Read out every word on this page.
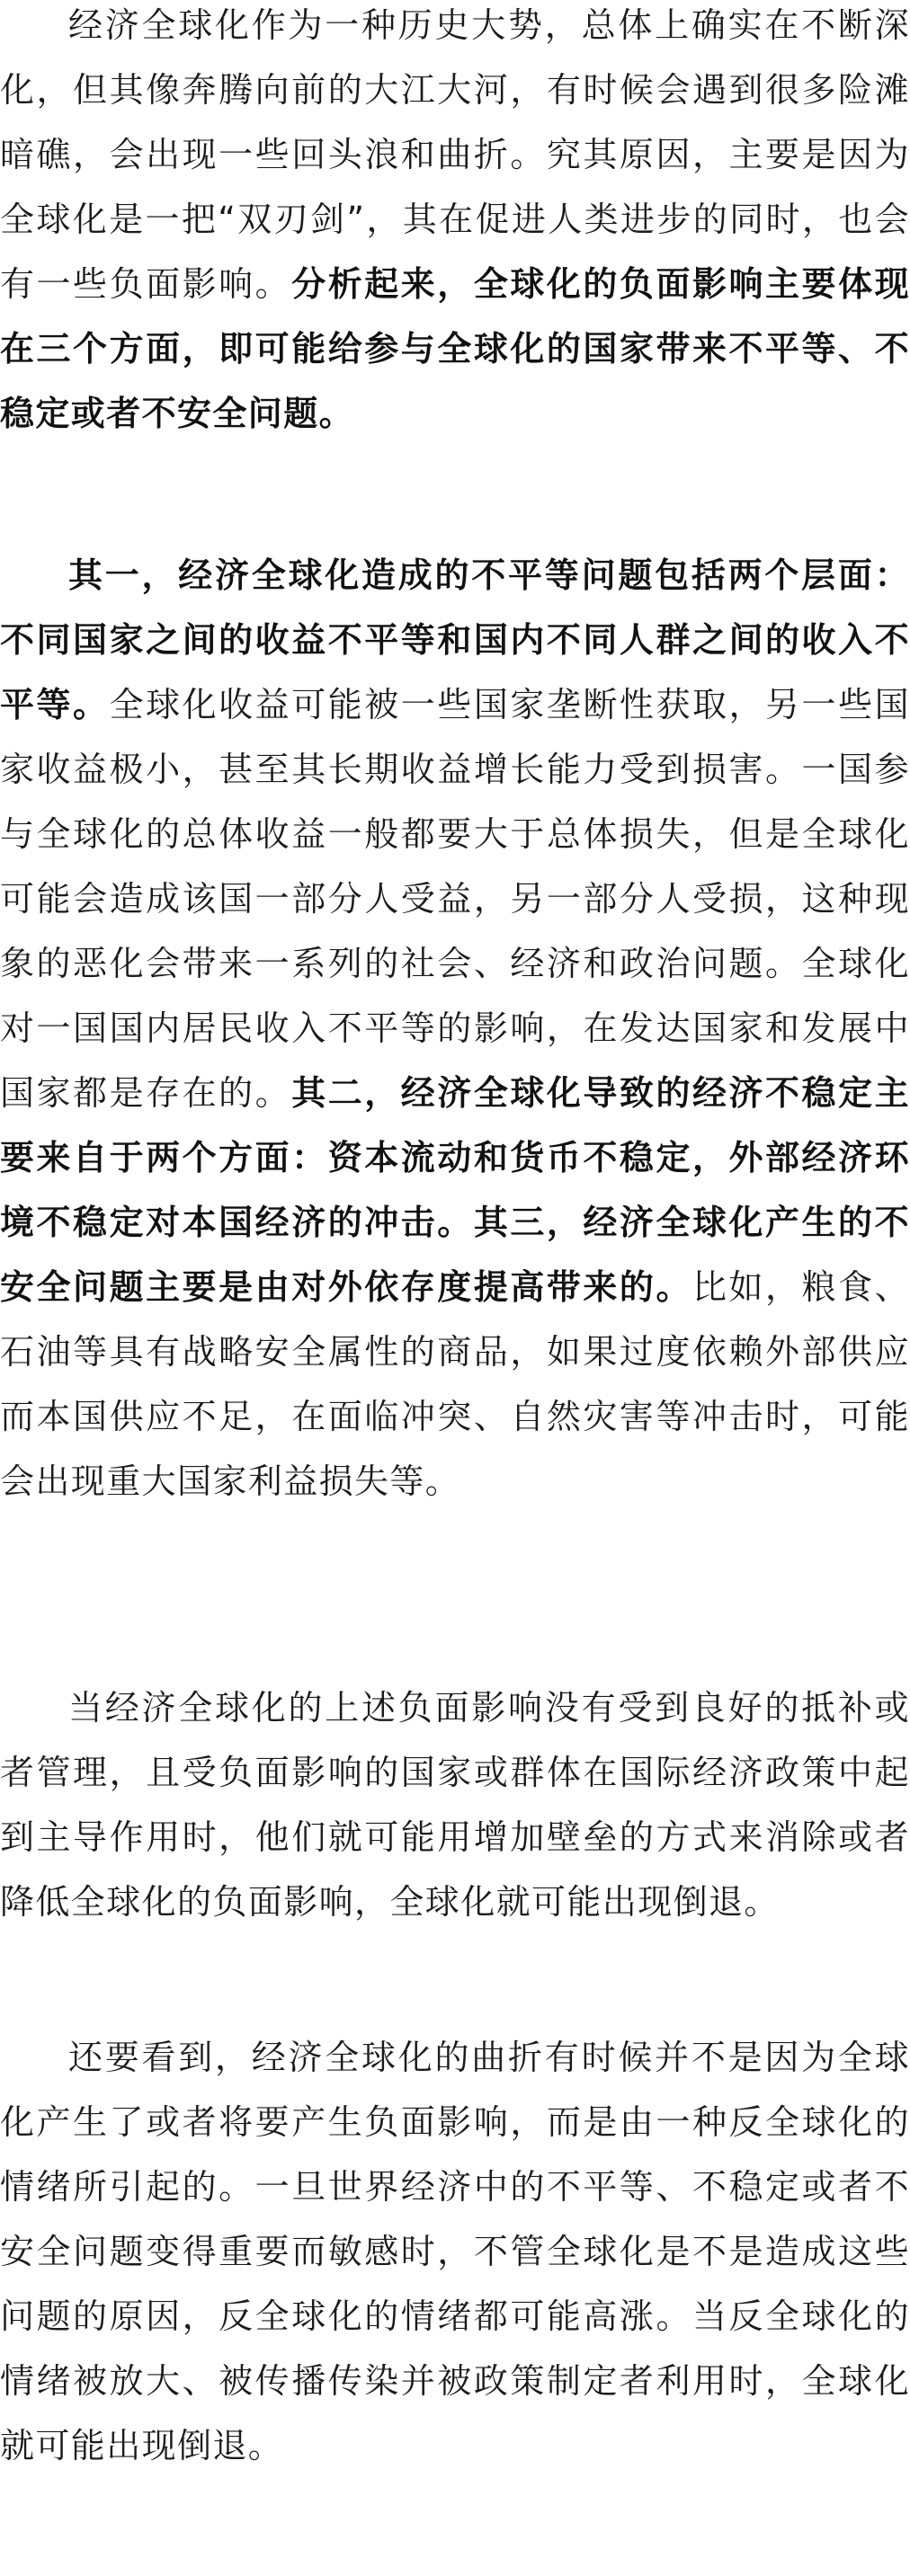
经济全球化作为一种历史大势，总体上确实在不断深化，但其像奔腾向前的大江大河，有时候会遇到很多险滩暗礁，会出现一些回头浪和曲折。究其原因，主要是因为全球化是一把“双刃剑”，其在促进人类进步的同时，也会有一些负面影响。分析起来，全球化的负面影响主要体现在三个方面，即可能给参与全球化的国家带来不平等、不稳定或者不安全问题。

其一，经济全球化造成的不平等问题包括两个层面：不同国家之间的收益不平等和国内不同人群之间的收入不平等。全球化收益可能被一些国家垄断性获取，另一些国家收益极小，甚至其长期收益增长能力受到损害。一国参与全球化的总体收益一般都要大于总体损失，但是全球化可能会造成该国一部分人受益，另一部分人受损，这种现象的恶化会带来一系列的社会、经济和政治问题。全球化对一国国内居民收入不平等的影响，在发达国家和发展中国家都是存在的。其二，经济全球化导致的经济不稳定主要来自于两个方面：资本流动和货币不稳定，外部经济环境不稳定对本国经济的冲击。其三，经济全球化产生的不安全问题主要是由对外依存度提高带来的。比如，粮食、石油等具有战略安全属性的商品，如果过度依赖外部供应而本国供应不足，在面临冲突、自然灾害等冲击时，可能会出现重大国家利益损失等。

当经济全球化的上述负面影响没有受到良好的抵补或者管理，且受负面影响的国家或群体在国际经济政策中起到主导作用时，他们就可能用增加壁垒的方式来消除或者降低全球化的负面影响，全球化就可能出现倒退。

还要看到，经济全球化的曲折有时候并不是因为全球化产生了或者将要产生负面影响，而是由一种反全球化的情绪所引起的。一旦世界经济中的不平等、不稳定或者不安全问题变得重要而敏感时，不管全球化是不是造成这些问题的原因，反全球化的情绪都可能高涨。当反全球化的情绪被放大、被传播传染并被政策制定者利用时，全球化就可能出现倒退。
